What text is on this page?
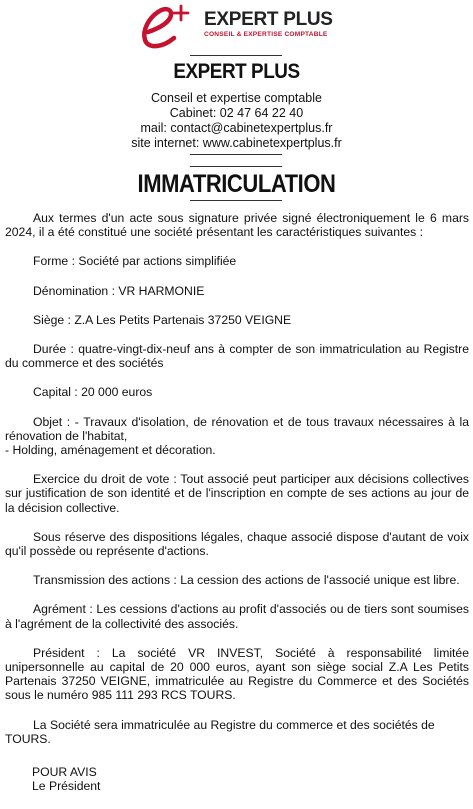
EXPERT PLUS
CONSEIL & EXPERTISE COMPTABLE
EXPERT PLUS
Conseil et expertise comptable
Cabinet: 02 47 64 22 40
mail: contact@cabinetexpertplus.fr
site internet: www.cabinetexpertplus.fr
IMMATRICULATION

Aux termes d'un acte sous signature privée signé électroniquement le 6 mars 2024, il a été constitué une société présentant les caractéristiques suivantes :

Forme : Société par actions simplifiée

Dénomination : VR HARMONIE

Siège : Z.A Les Petits Partenais 37250 VEIGNE

Durée : quatre-vingt-dix-neuf ans à compter de son immatriculation au Registre du commerce et des sociétés

Capital : 20 000 euros

Objet : - Travaux d'isolation, de rénovation et de tous travaux nécessaires à la rénovation de l'habitat,
- Holding, aménagement et décoration.

Exercice du droit de vote : Tout associé peut participer aux décisions collectives sur justification de son identité et de l'inscription en compte de ses actions au jour de la décision collective.

Sous réserve des dispositions légales, chaque associé dispose d'autant de voix qu'il possède ou représente d'actions.

Transmission des actions : La cession des actions de l'associé unique est libre.

Agrément : Les cessions d'actions au profit d'associés ou de tiers sont soumises à l'agrément de la collectivité des associés.

Président : La société VR INVEST, Société à responsabilité limitée unipersonnelle au capital de 20 000 euros, ayant son siège social Z.A Les Petits Partenais 37250 VEIGNE, immatriculée au Registre du Commerce et des Sociétés sous le numéro 985 111 293 RCS TOURS.

La Société sera immatriculée au Registre du commerce et des sociétés de TOURS.

POUR AVIS
Le Président
